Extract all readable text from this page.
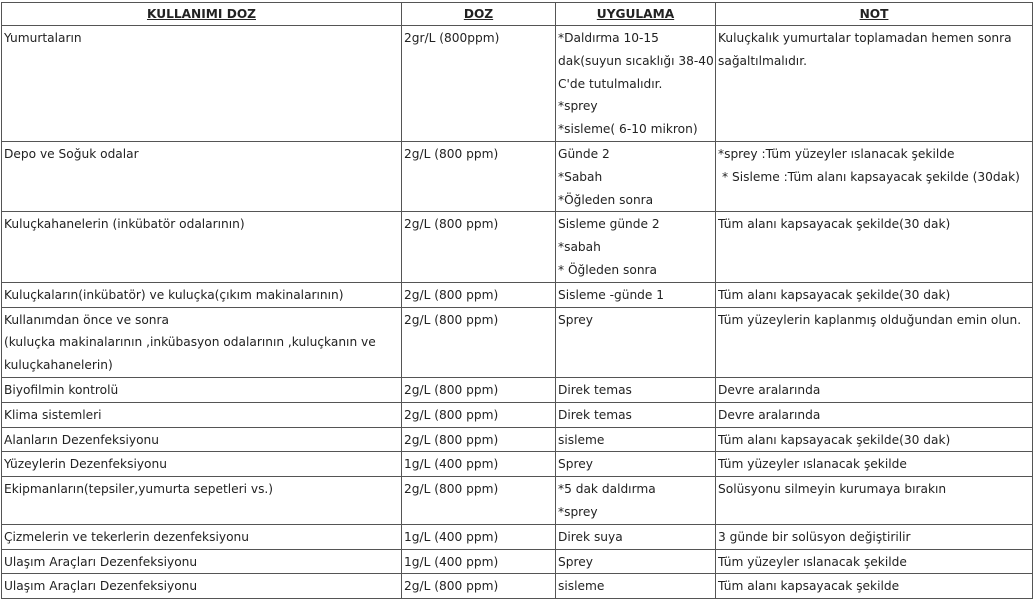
KULLANIMI DOZ	DOZ	UYGULAMA	NOT

Yumurtaların	2gr/L (800ppm)	*Daldırma 10-15
dak(suyun sıcaklığı 38-40
C'de tutulmalıdır.
*sprey
*sisleme( 6-10 mikron)	Kuluçkalık yumurtalar toplamadan hemen sonra
sağaltılmalıdır.

Depo ve Soğuk odalar	2g/L (800 ppm)	Günde 2
*Sabah
*Öğleden sonra	*sprey :Tüm yüzeyler ıslanacak şekilde
* Sisleme :Tüm alanı kapsayacak şekilde (30dak)

Kuluçkahanelerin (inkübatör odalarının)	2g/L (800 ppm)	Sisleme günde 2
*sabah
* Öğleden sonra	Tüm alanı kapsayacak şekilde(30 dak)

Kuluçkaların(inkübatör) ve kuluçka(çıkım makinalarının)	2g/L (800 ppm)	Sisleme -günde 1	Tüm alanı kapsayacak şekilde(30 dak)

Kullanımdan önce ve sonra
(kuluçka makinalarının ,inkübasyon odalarının ,kuluçkanın ve
kuluçkahanelerin)	2g/L (800 ppm)	Sprey	Tüm yüzeylerin kaplanmış olduğundan emin olun.

Biyofilmin kontrolü	2g/L (800 ppm)	Direk temas	Devre aralarında

Klima sistemleri	2g/L (800 ppm)	Direk temas	Devre aralarında

Alanların Dezenfeksiyonu	2g/L (800 ppm)	sisleme	Tüm alanı kapsayacak şekilde(30 dak)

Yüzeylerin Dezenfeksiyonu	1g/L (400 ppm)	Sprey	Tüm yüzeyler ıslanacak şekilde

Ekipmanların(tepsiler,yumurta sepetleri vs.)	2g/L (800 ppm)	*5 dak daldırma
*sprey	Solüsyonu silmeyin kurumaya bırakın

Çizmelerin ve tekerlerin dezenfeksiyonu	1g/L (400 ppm)	Direk suya	3 günde bir solüsyon değiştirilir

Ulaşım Araçları Dezenfeksiyonu	1g/L (400 ppm)	Sprey	Tüm yüzeyler ıslanacak şekilde

Ulaşım Araçları Dezenfeksiyonu	2g/L (800 ppm)	sisleme	Tüm alanı kapsayacak şekilde
